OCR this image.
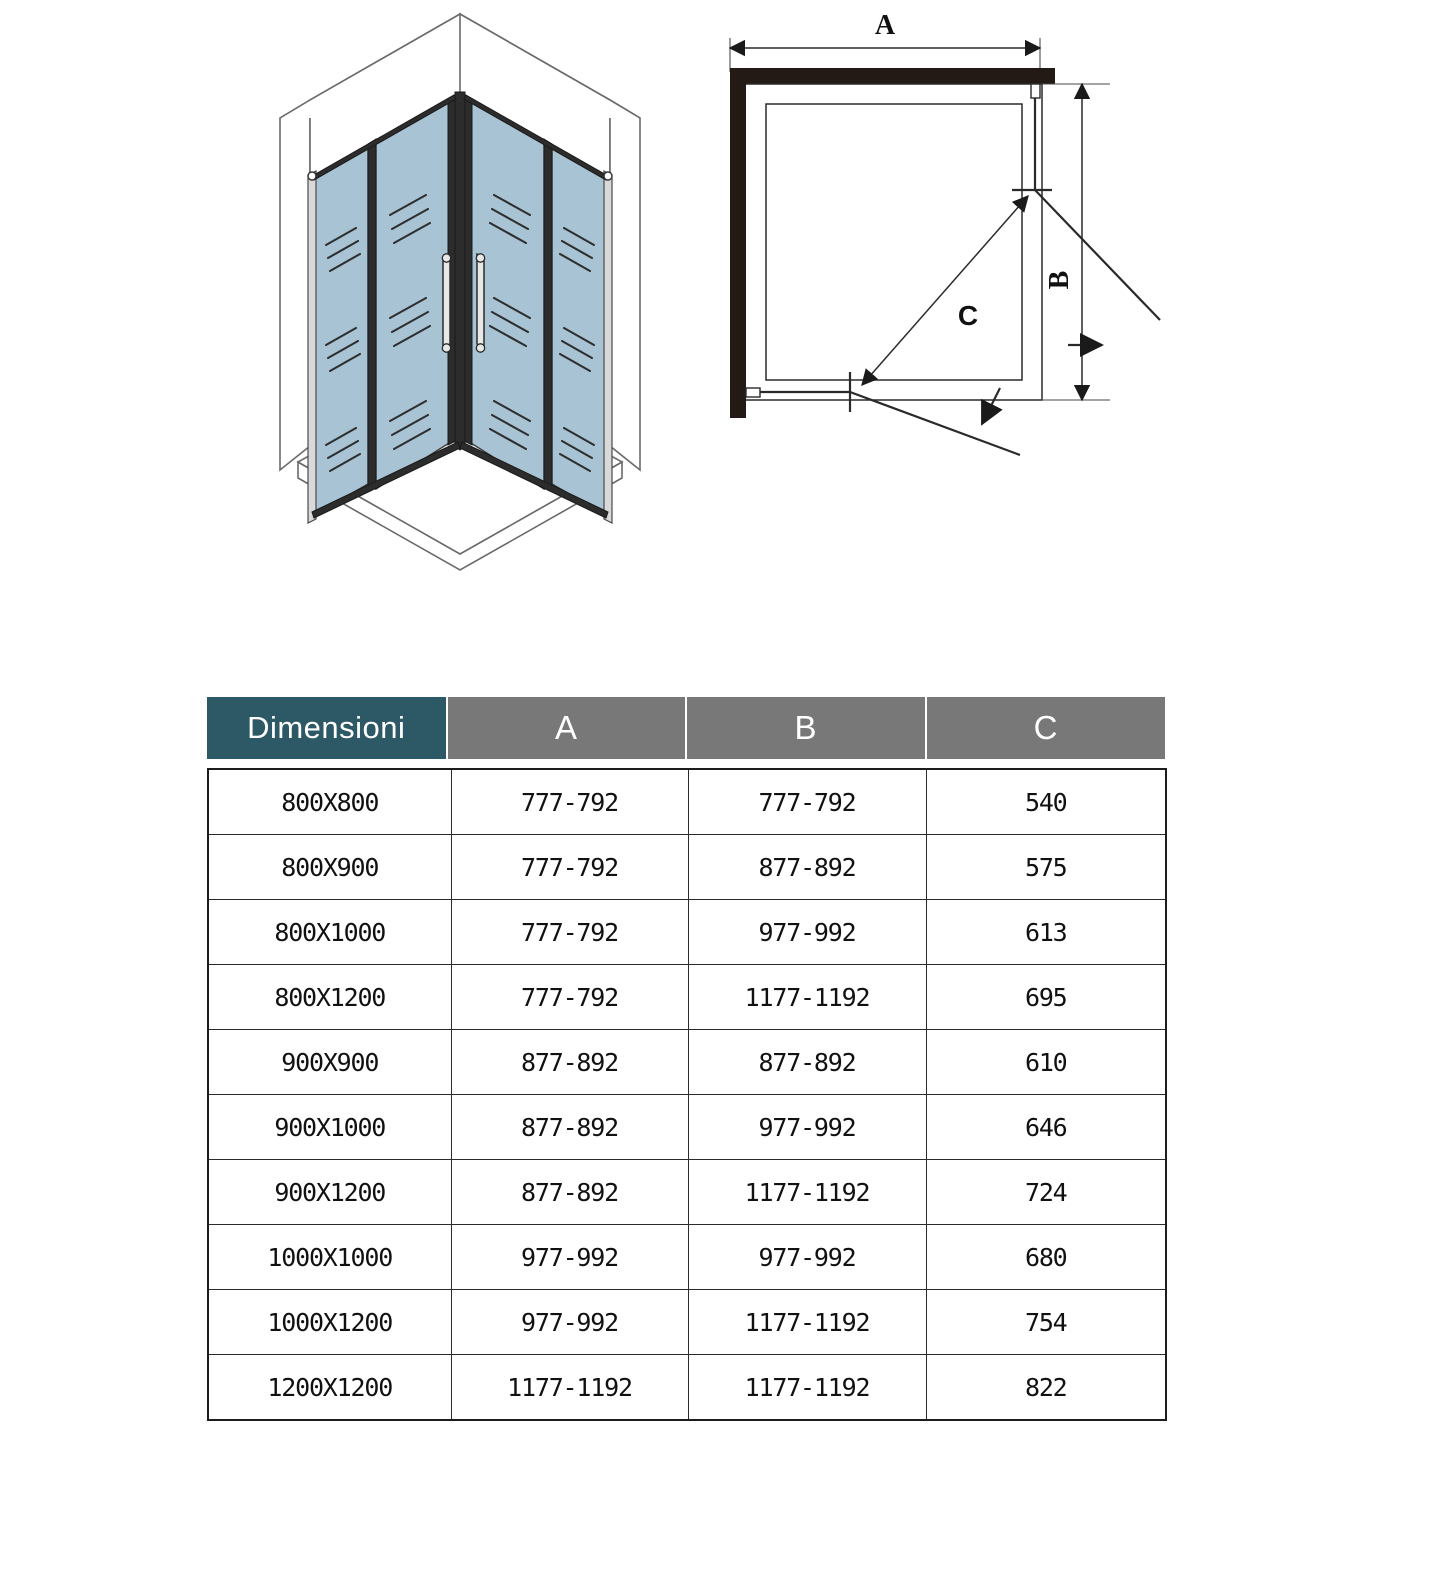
A
C
B
Dimensioni	A	B	C
800X800	777-792	777-792	540
800X900	777-792	877-892	575
800X1000	777-792	977-992	613
800X1200	777-792	1177-1192	695
900X900	877-892	877-892	610
900X1000	877-892	977-992	646
900X1200	877-892	1177-1192	724
1000X1000	977-992	977-992	680
1000X1200	977-992	1177-1192	754
1200X1200	1177-1192	1177-1192	822
